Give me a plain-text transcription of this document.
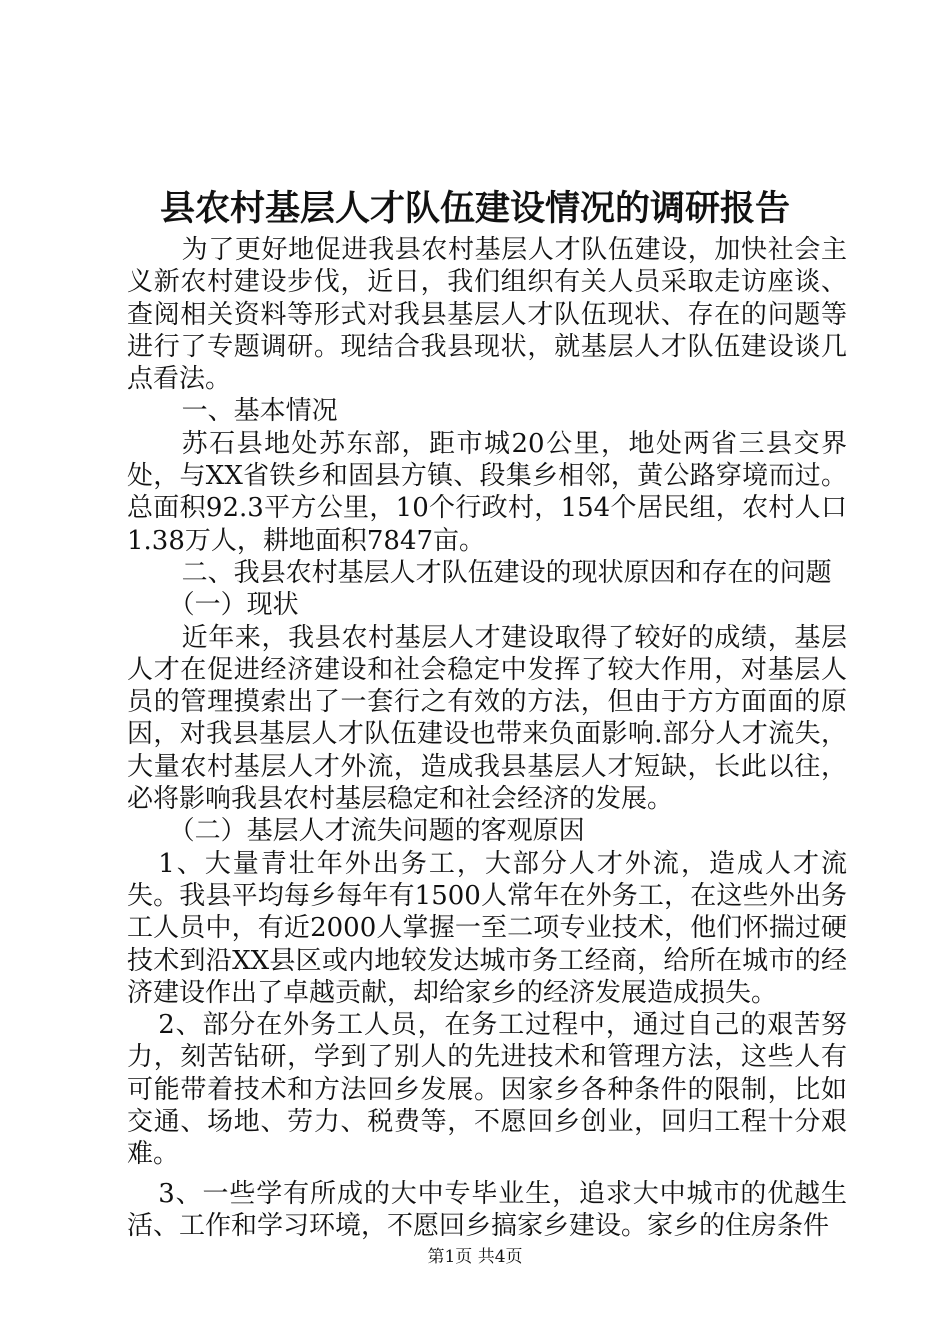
县农村基层人才队伍建设情况的调研报告

为了更好地促进我县农村基层人才队伍建设，加快社会主义新农村建设步伐，近日，我们组织有关人员采取走访座谈、查阅相关资料等形式对我县基层人才队伍现状、存在的问题等进行了专题调研。现结合我县现状，就基层人才队伍建设谈几点看法。

一、基本情况

苏石县地处苏东部，距市城20公里，地处两省三县交界处，与XX省铁乡和固县方镇、段集乡相邻，黄公路穿境而过。总面积92.3平方公里，10个行政村，154个居民组，农村人口1.38万人，耕地面积7847亩。

二、我县农村基层人才队伍建设的现状原因和存在的问题

（一）现状

近年来，我县农村基层人才建设取得了较好的成绩，基层人才在促进经济建设和社会稳定中发挥了较大作用，对基层人员的管理摸索出了一套行之有效的方法，但由于方方面面的原因，对我县基层人才队伍建设也带来负面影响.部分人才流失，大量农村基层人才外流，造成我县基层人才短缺，长此以往，必将影响我县农村基层稳定和社会经济的发展。

（二）基层人才流失问题的客观原因

1、大量青壮年外出务工，大部分人才外流，造成人才流失。我县平均每乡每年有1500人常年在外务工，在这些外出务工人员中，有近2000人掌握一至二项专业技术，他们怀揣过硬技术到沿XX县区或内地较发达城市务工经商，给所在城市的经济建设作出了卓越贡献，却给家乡的经济发展造成损失。

2、部分在外务工人员，在务工过程中，通过自己的艰苦努力，刻苦钻研，学到了别人的先进技术和管理方法，这些人有可能带着技术和方法回乡发展。因家乡各种条件的限制，比如交通、场地、劳力、税费等，不愿回乡创业，回归工程十分艰难。

3、一些学有所成的大中专毕业生，追求大中城市的优越生活、工作和学习环境，不愿回乡搞家乡建设。家乡的住房条件

第1页 共4页
